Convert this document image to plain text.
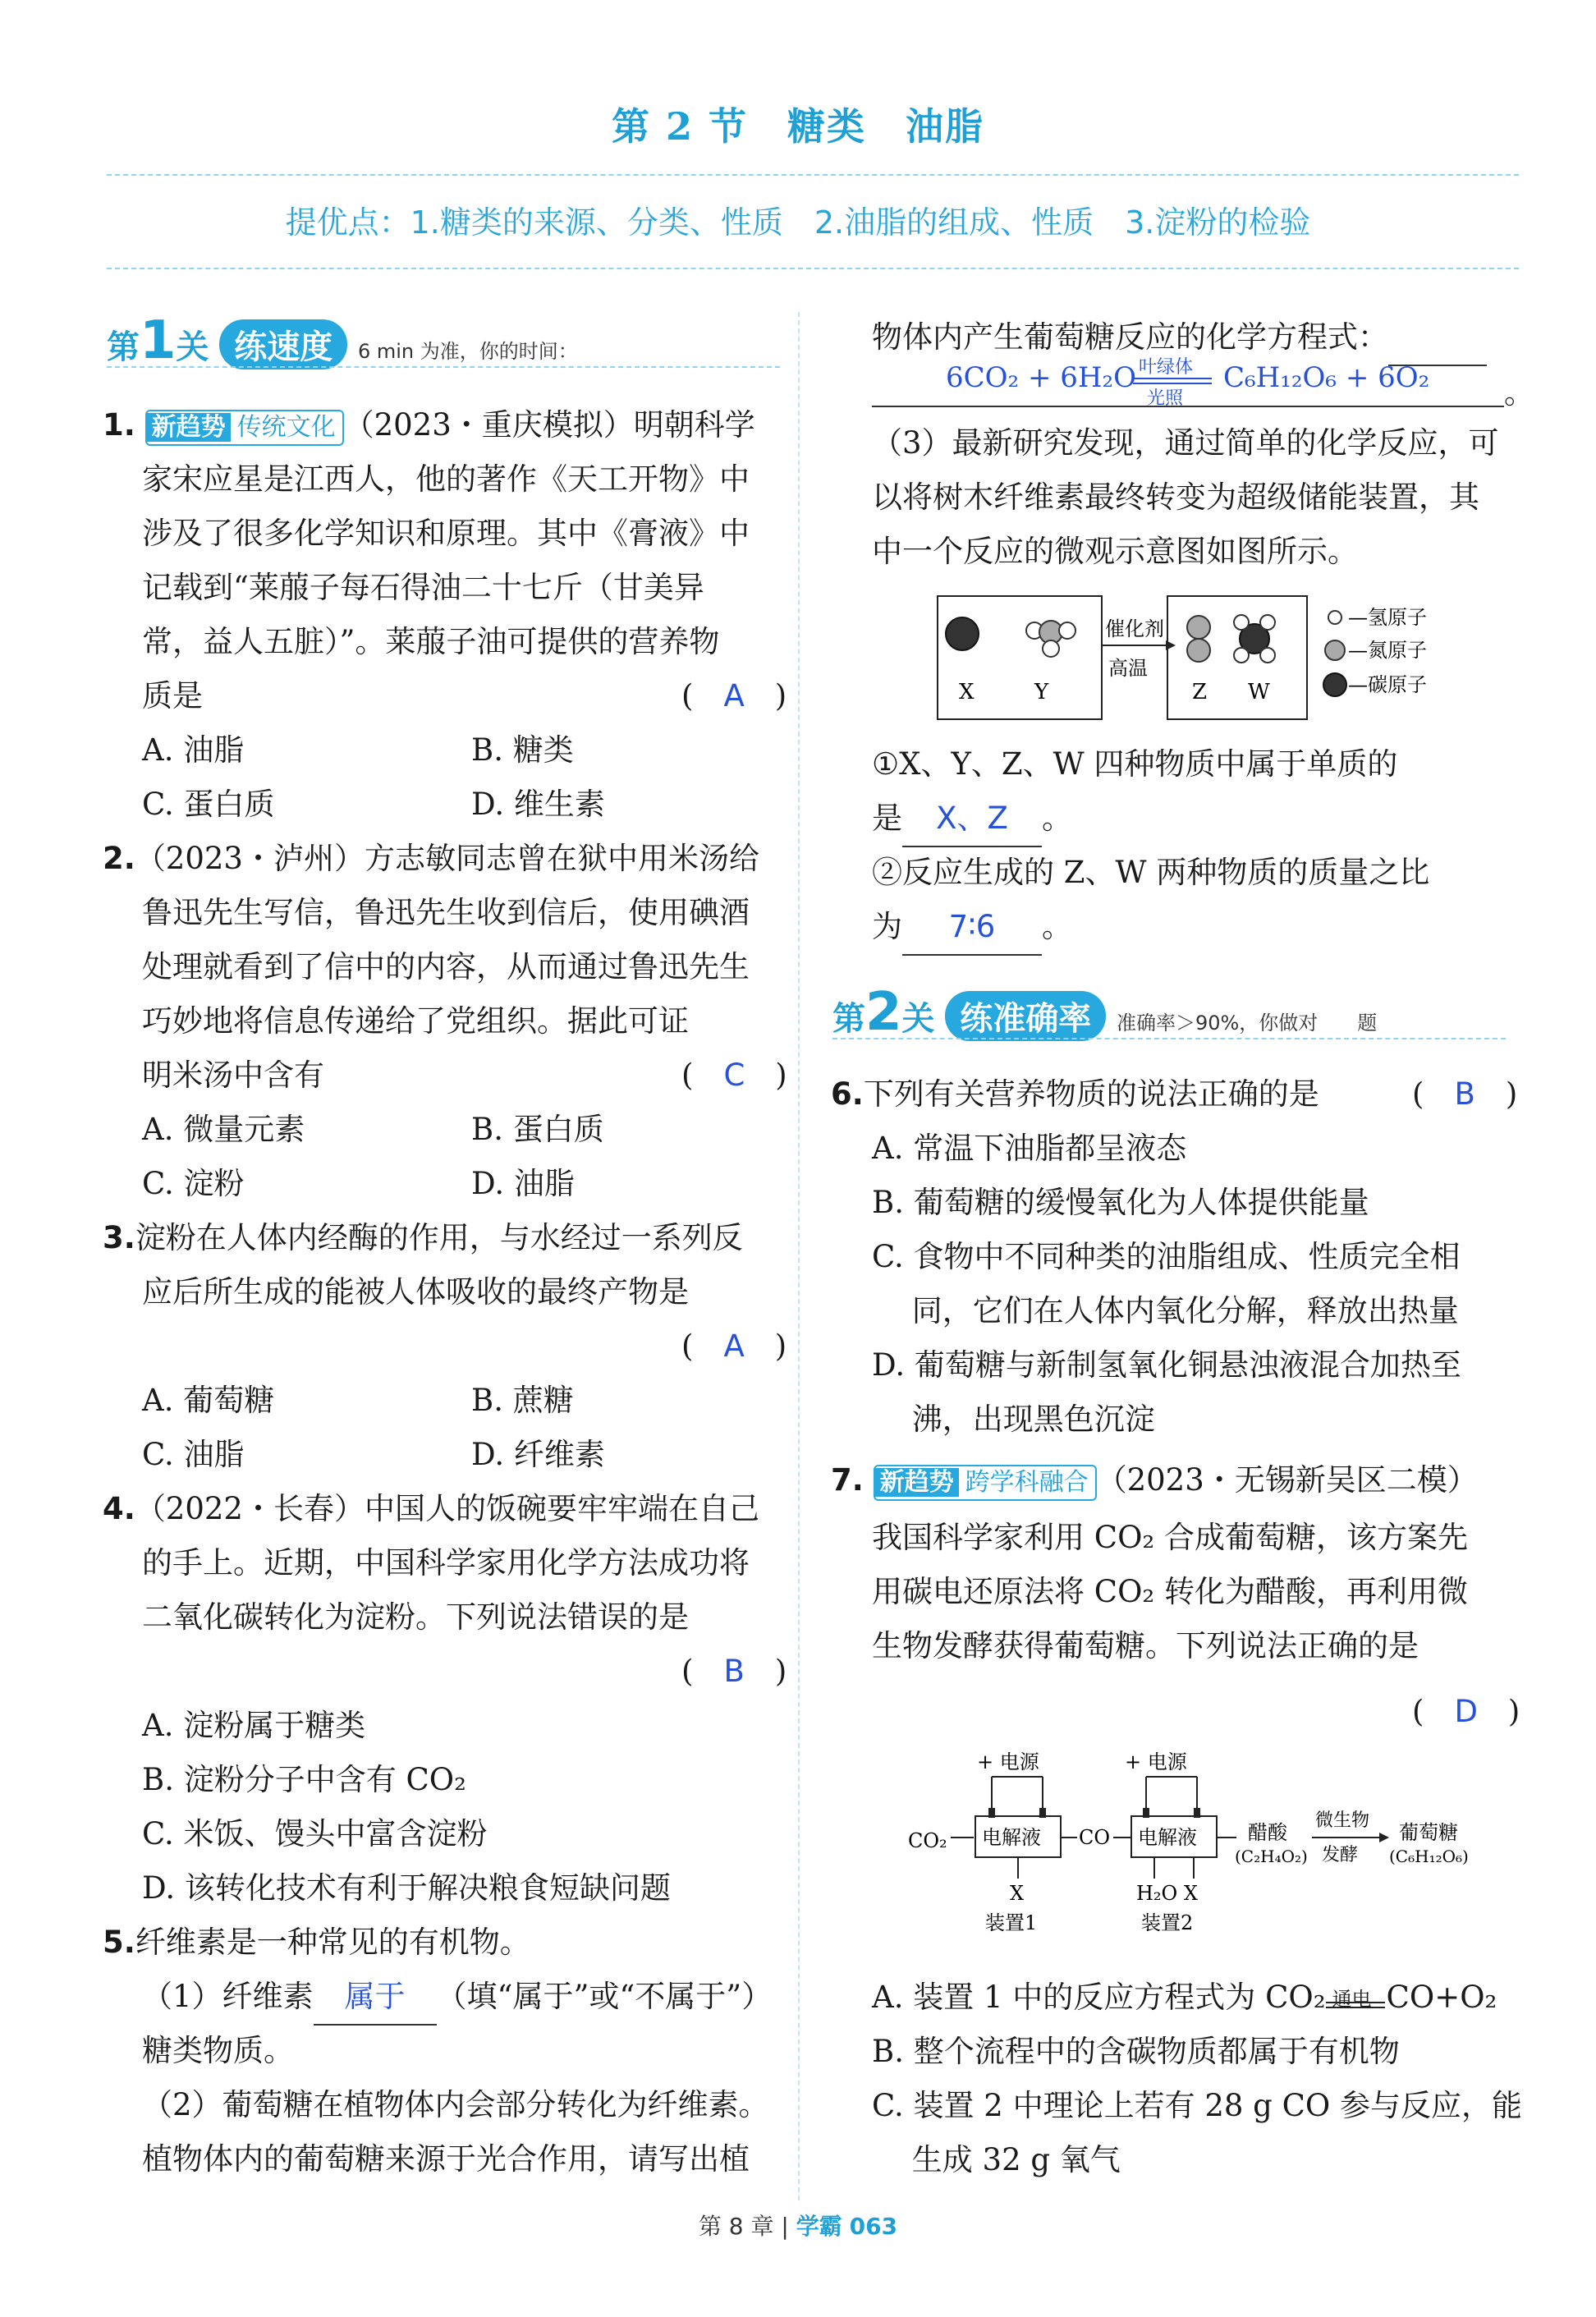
第 2 节　糖类　油脂
提优点：1.糖类的来源、分类、性质　2.油脂的组成、性质　3.淀粉的检验
第1关 练速度 6 min 为准，你的时间：
1. 新趋势 传统文化 （2023・重庆模拟）明朝科学
家宋应星是江西人，他的著作《天工开物》中
涉及了很多化学知识和原理。其中《膏液》中
记载到“莱菔子每石得油二十七斤（甘美异
常，益人五脏）”。莱菔子油可提供的营养物
质是	(　A　)
A. 油脂	B. 糖类
C. 蛋白质	D. 维生素
2.（2023・泸州）方志敏同志曾在狱中用米汤给
鲁迅先生写信，鲁迅先生收到信后，使用碘酒
处理就看到了信中的内容，从而通过鲁迅先生
巧妙地将信息传递给了党组织。据此可证
明米汤中含有	(　C　)
A. 微量元素	B. 蛋白质
C. 淀粉	D. 油脂
3.淀粉在人体内经酶的作用，与水经过一系列反
应后所生成的能被人体吸收的最终产物是
(　A　)
A. 葡萄糖	B. 蔗糖
C. 油脂	D. 纤维素
4.（2022・长春）中国人的饭碗要牢牢端在自己
的手上。近期，中国科学家用化学方法成功将
二氧化碳转化为淀粉。下列说法错误的是
(　B　)
A. 淀粉属于糖类
B. 淀粉分子中含有 CO₂
C. 米饭、馒头中富含淀粉
D. 该转化技术有利于解决粮食短缺问题
5.纤维素是一种常见的有机物。
（1）纤维素 属于 （填“属于”或“不属于”）
糖类物质。
（2）葡萄糖在植物体内会部分转化为纤维素。
植物体内的葡萄糖来源于光合作用，请写出植
物体内产生葡萄糖反应的化学方程式：
6CO₂ + 6H₂O 叶绿体
光照
C₆H₁₂O₆ + 6O₂ 。
（3）最新研究发现，通过简单的化学反应，可
以将树木纤维素最终转变为超级储能装置，其
中一个反应的微观示意图如图所示。
X	Y
催化剂
高温
Z W
—氢原子
—氮原子
—碳原子
①X、Y、Z、W 四种物质中属于单质的
是 X、Z 。
②反应生成的 Z、W 两种物质的质量之比
为 7∶6 。
第2关 练准确率 准确率＞90%，你做对　　题
6.下列有关营养物质的说法正确的是	(　B　)
A. 常温下油脂都呈液态
B. 葡萄糖的缓慢氧化为人体提供能量
C. 食物中不同种类的油脂组成、性质完全相
　 同，它们在人体内氧化分解，释放出热量
D. 葡萄糖与新制氢氧化铜悬浊液混合加热至
　 沸，出现黑色沉淀
7. 新趋势 跨学科融合 （2023・无锡新吴区二模）
我国科学家利用 CO₂ 合成葡萄糖，该方案先
用碳电还原法将 CO₂ 转化为醋酸，再利用微
生物发酵获得葡萄糖。下列说法正确的是
(　D　)
+ 电源	+ 电源
电解液
CO₂	CO 电解液	醋酸
(C₂H₄O₂)
微生物
发酵
葡萄糖
(C₆H₁₂O₆)
X
装置1
H₂O X
装置2
A. 装置 1 中的反应方程式为 CO₂ 通电 CO+O₂
B. 整个流程中的含碳物质都属于有机物
C. 装置 2 中理论上若有 28 g CO 参与反应，能
　 生成 32 g 氧气
第 8 章 | 学霸 063
